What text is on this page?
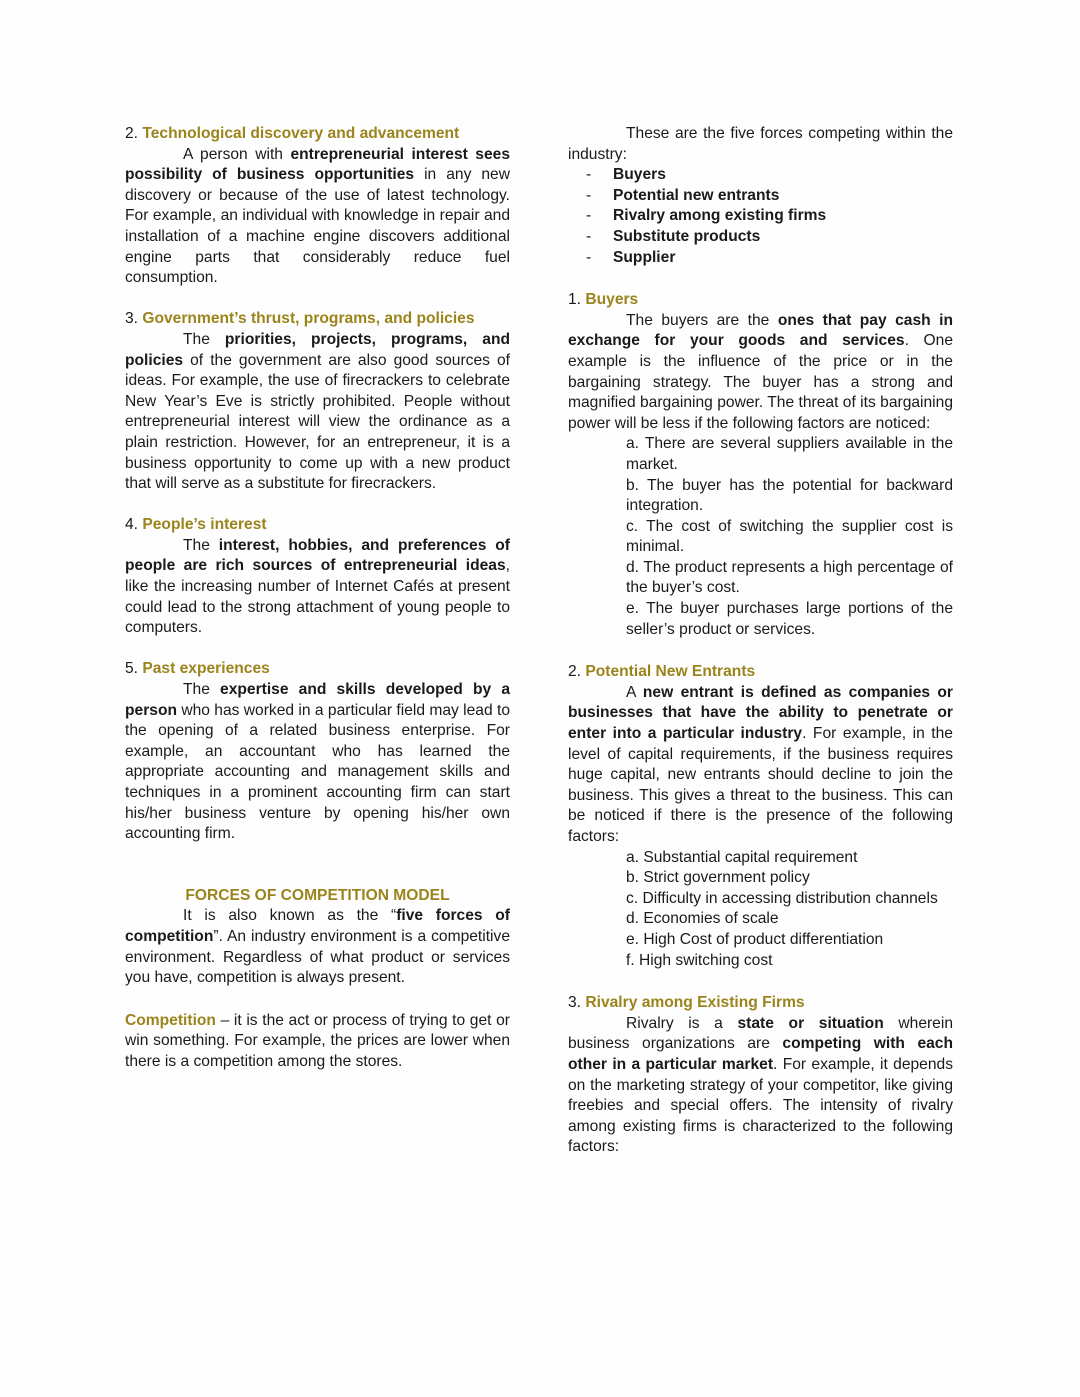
2. Technological discovery and advancement

A person with entrepreneurial interest sees possibility of business opportunities in any new discovery or because of the use of latest technology. For example, an individual with knowledge in repair and installation of a machine engine discovers additional engine parts that considerably reduce fuel consumption.

3. Government’s thrust, programs, and policies

The priorities, projects, programs, and policies of the government are also good sources of ideas. For example, the use of firecrackers to celebrate New Year’s Eve is strictly prohibited. People without entrepreneurial interest will view the ordinance as a plain restriction. However, for an entrepreneur, it is a business opportunity to come up with a new product that will serve as a substitute for firecrackers.

4. People’s interest

The interest, hobbies, and preferences of people are rich sources of entrepreneurial ideas, like the increasing number of Internet Cafés at present could lead to the strong attachment of young people to computers.

5. Past experiences

The expertise and skills developed by a person who has worked in a particular field may lead to the opening of a related business enterprise. For example, an accountant who has learned the appropriate accounting and management skills and techniques in a prominent accounting firm can start his/her business venture by opening his/her own accounting firm.

FORCES OF COMPETITION MODEL

It is also known as the “five forces of competition”. An industry environment is a competitive environment. Regardless of what product or services you have, competition is always present.

Competition – it is the act or process of trying to get or win something. For example, the prices are lower when there is a competition among the stores.

These are the five forces competing within the industry:

-	Buyers
-	Potential new entrants
-	Rivalry among existing firms
-	Substitute products
-	Supplier

1. Buyers

The buyers are the ones that pay cash in exchange for your goods and services. One example is the influence of the price or in the bargaining strategy. The buyer has a strong and magnified bargaining power. The threat of its bargaining power will be less if the following factors are noticed:

a. There are several suppliers available in the market.
b. The buyer has the potential for backward integration.
c. The cost of switching the supplier cost is minimal.
d. The product represents a high percentage of the buyer’s cost.
e. The buyer purchases large portions of the seller’s product or services.

2. Potential New Entrants

A new entrant is defined as companies or businesses that have the ability to penetrate or enter into a particular industry. For example, in the level of capital requirements, if the business requires huge capital, new entrants should decline to join the business. This gives a threat to the business. This can be noticed if there is the presence of the following factors:

a. Substantial capital requirement
b. Strict government policy
c. Difficulty in accessing distribution channels
d. Economies of scale
e. High Cost of product differentiation
f. High switching cost

3. Rivalry among Existing Firms

Rivalry is a state or situation wherein business organizations are competing with each other in a particular market. For example, it depends on the marketing strategy of your competitor, like giving freebies and special offers. The intensity of rivalry among existing firms is characterized to the following factors:
